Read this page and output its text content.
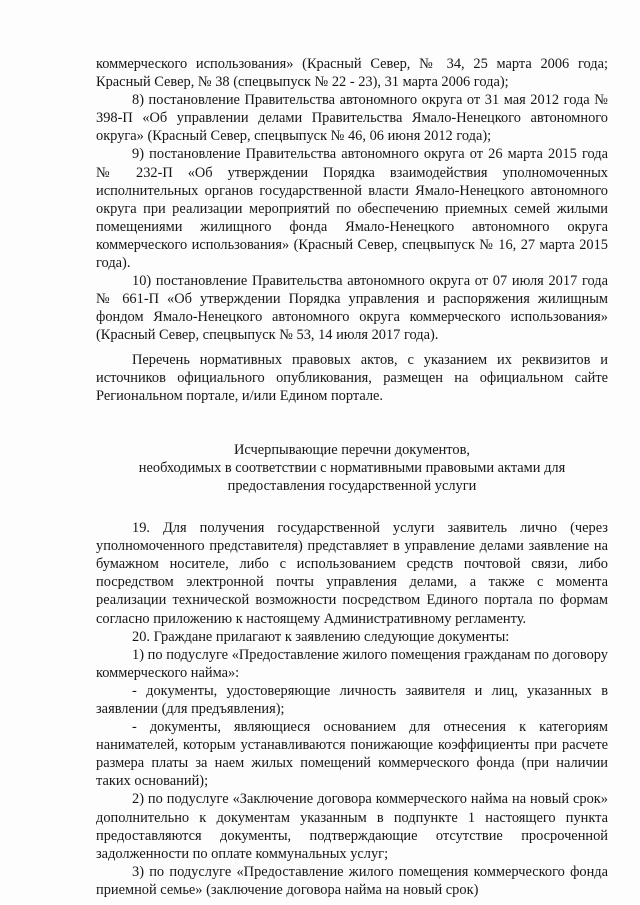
коммерческого использования» (Красный Север, № 34, 25 марта 2006 года; Красный Север, № 38 (спецвыпуск № 22 - 23), 31 марта 2006 года);

8) постановление Правительства автономного округа от 31 мая 2012 года № 398-П «Об управлении делами Правительства Ямало-Ненецкого автономного округа» (Красный Север, спецвыпуск № 46, 06 июня 2012 года);

9) постановление Правительства автономного округа от 26 марта 2015 года № 232-П «Об утверждении Порядка взаимодействия уполномоченных исполнительных органов государственной власти Ямало-Ненецкого автономного округа при реализации мероприятий по обеспечению приемных семей жилыми помещениями жилищного фонда Ямало-Ненецкого автономного округа коммерческого использования» (Красный Север, спецвыпуск № 16, 27 марта 2015 года).

10) постановление Правительства автономного округа от 07 июля 2017 года № 661-П «Об утверждении Порядка управления и распоряжения жилищным фондом Ямало-Ненецкого автономного округа коммерческого использования» (Красный Север, спецвыпуск № 53, 14 июля 2017 года).

Перечень нормативных правовых актов, с указанием их реквизитов и источников официального опубликования, размещен на официальном сайте Региональном портале, и/или Едином портале.

Исчерпывающие перечни документов,
необходимых в соответствии с нормативными правовыми актами для
предоставления государственной услуги

19. Для получения государственной услуги заявитель лично (через уполномоченного представителя) представляет в управление делами заявление на бумажном носителе, либо с использованием средств почтовой связи, либо посредством электронной почты управления делами, а также с момента реализации технической возможности посредством Единого портала по формам согласно приложению к настоящему Административному регламенту.

20. Граждане прилагают к заявлению следующие документы:

1) по подуслуге «Предоставление жилого помещения гражданам по договору коммерческого найма»:

- документы, удостоверяющие личность заявителя и лиц, указанных в заявлении (для предъявления);

- документы, являющиеся основанием для отнесения к категориям нанимателей, которым устанавливаются понижающие коэффициенты при расчете размера платы за наем жилых помещений коммерческого фонда (при наличии таких оснований);

2) по подуслуге «Заключение договора коммерческого найма на новый срок» дополнительно к документам указанным в подпункте 1 настоящего пункта предоставляются документы, подтверждающие отсутствие просроченной задолженности по оплате коммунальных услуг;

3) по подуслуге «Предоставление жилого помещения коммерческого фонда приемной семье» (заключение договора найма на новый срок)
